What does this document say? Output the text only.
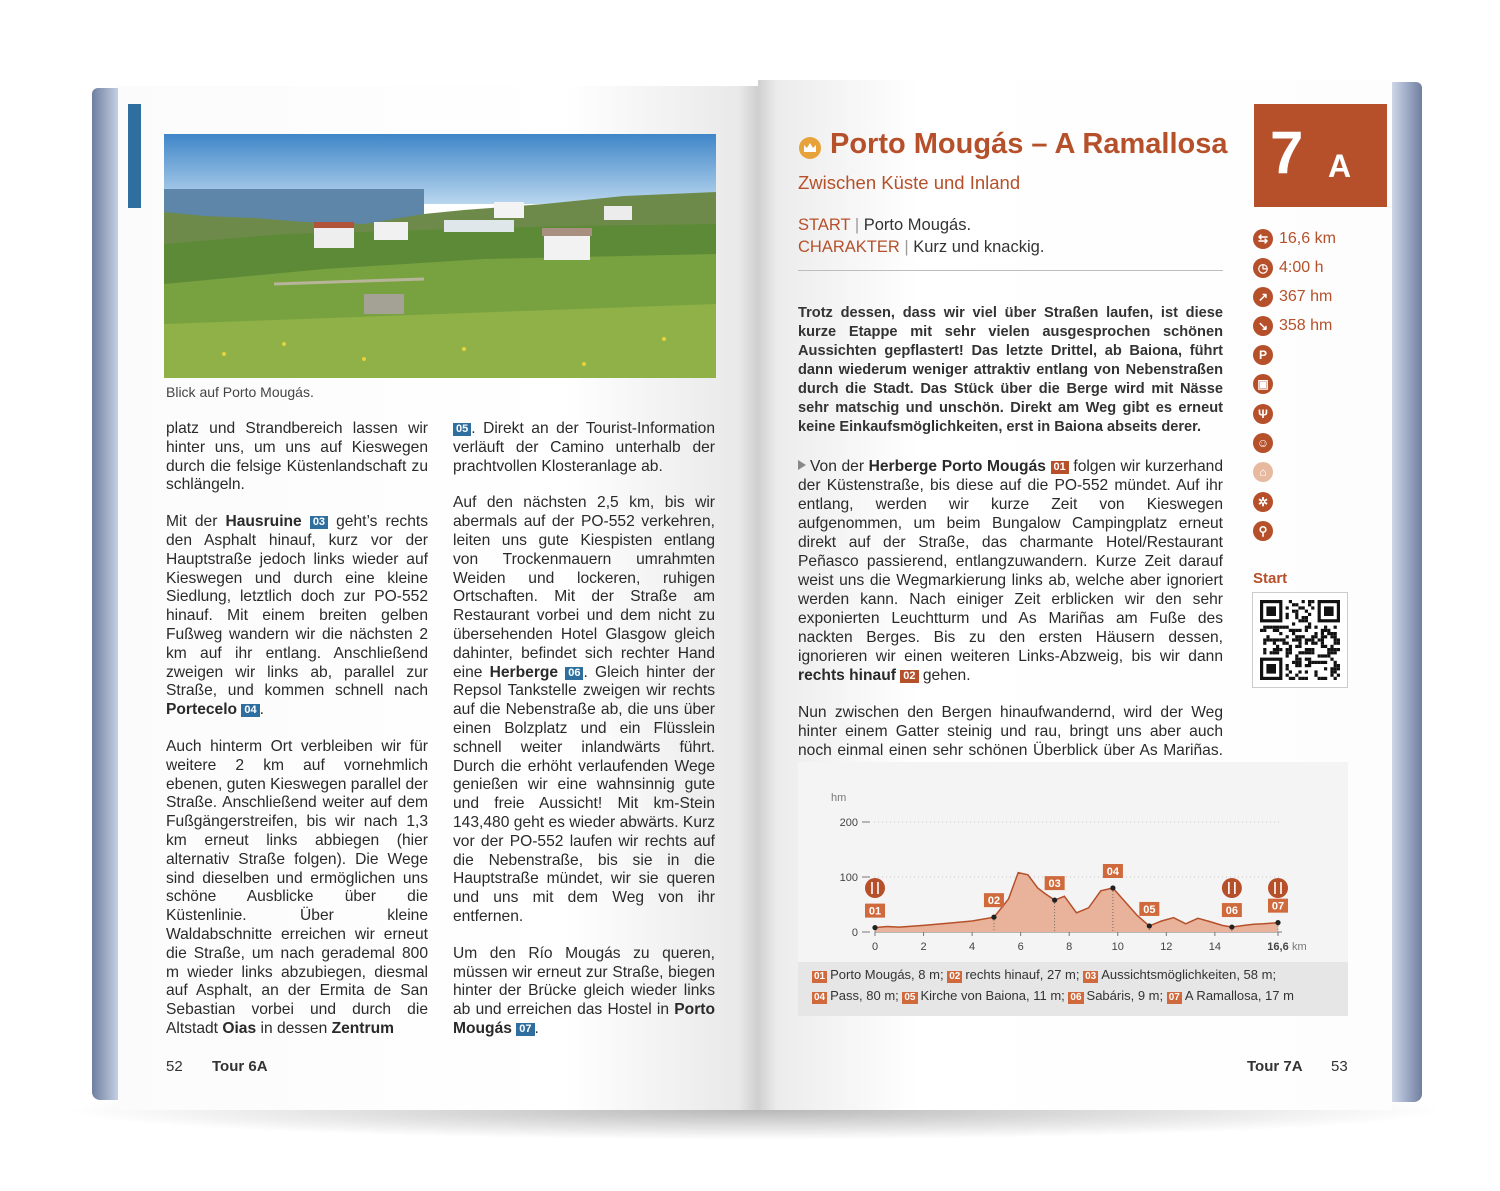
Blick auf Porto Mougás.

platz und Strandbereich lassen wir hinter uns, um uns auf Kieswegen durch die felsige Küstenlandschaft zu schlängeln.

Mit der Hausruine 03 geht’s rechts den Asphalt hinauf, kurz vor der Hauptstraße jedoch links wieder auf Kieswegen und durch eine kleine Siedlung, letztlich doch zur PO-552 hinauf. Mit einem breiten gelben Fußweg wandern wir die nächsten 2 km auf ihr entlang. Anschließend zweigen wir links ab, parallel zur Straße, und kommen schnell nach Portecelo 04 .

Auch hinterm Ort verbleiben wir für weitere 2 km auf vornehmlich ebenen, guten Kieswegen parallel der Straße. Anschließend weiter auf dem Fußgängerstreifen, bis wir nach 1,3 km erneut links abbiegen (hier alternativ Straße folgen). Die Wege sind dieselben und ermöglichen uns schöne Ausblicke über die Küstenlinie. Über kleine Waldabschnitte erreichen wir erneut die Straße, um nach gerademal 800 m wieder links abzubiegen, diesmal auf Asphalt, an der Ermita de San Sebastian vorbei und durch die Altstadt Oias in dessen Zentrum

05 . Direkt an der Tourist-Information verläuft der Camino unterhalb der prachtvollen Klosteranlage ab.

Auf den nächsten 2,5 km, bis wir abermals auf der PO-552 verkehren, leiten uns gute Kiespisten entlang von Trockenmauern umrahmten Weiden und lockeren, ruhigen Ortschaften. Mit der Straße am Restaurant vorbei und dem nicht zu übersehenden Hotel Glasgow gleich dahinter, befindet sich rechter Hand eine Herberge 06 . Gleich hinter der Repsol Tankstelle zweigen wir rechts auf die Nebenstraße ab, die uns über einen Bolzplatz und ein Flüsslein schnell weiter inlandwärts führt. Durch die erhöht verlaufenden Wege genießen wir eine wahnsinnig gute und freie Aussicht! Mit km-Stein 143,480 geht es wieder abwärts. Kurz vor der PO-552 laufen wir rechts auf die Nebenstraße, bis sie in die Hauptstraße mündet, wir sie queren und uns mit dem Weg von ihr entfernen.

Um den Río Mougás zu queren, müssen wir erneut zur Straße, biegen hinter der Brücke gleich wieder links ab und erreichen das Hostel in Porto Mougás 07 .

52 Tour 6A
Porto Mougás – A Ramallosa
Zwischen Küste und Inland
START | Porto Mougás.
CHARAKTER | Kurz und knackig.
Trotz dessen, dass wir viel über Straßen laufen, ist diese kurze Etappe mit sehr vielen ausgesprochen schönen Aussichten gepflastert! Das letzte Drittel, ab Baiona, führt dann wiederum weniger attraktiv entlang von Nebenstraßen durch die Stadt. Das Stück über die Berge wird mit Nässe sehr matschig und unschön. Direkt am Weg gibt es erneut keine Einkaufsmöglichkeiten, erst in Baiona abseits derer.

Von der Herberge Porto Mougás 01 folgen wir kurzerhand der Küstenstraße, bis diese auf die PO-552 mündet. Auf ihr entlang, werden wir kurze Zeit von Kieswegen aufgenommen, um beim Bungalow Campingplatz erneut direkt auf der Straße, das charmante Hotel/Restaurant Peñasco passierend, entlangzuwandern. Kurze Zeit darauf weist uns die Wegmarkierung links ab, welche aber ignoriert werden kann. Nach einiger Zeit erblicken wir den sehr exponierten Leuchtturm und As Mariñas am Fuße des nackten Berges. Bis zu den ersten Häusern dessen, ignorieren wir einen weiteren Links-Abzweig, bis wir dann rechts hinauf 02 gehen.

Nun zwischen den Bergen hinaufwandernd, wird der Weg hinter einem Gatter steinig und rau, bringt uns aber auch noch einmal einen sehr schönen Überblick über As Mariñas.

7 A
⇆ 16,6 km
◷ 4:00 h
↗ 367 hm
↘ 358 hm
P
▣
Ψ
☺
⌂
✲
⚲
Start
hm
0
100
200
0	2	4	6	8	10	12	14	16,6 km
01
02
03
04
05	06	07
01 Porto Mougás, 8 m; 02 rechts hinauf, 27 m; 03 Aussichtsmöglichkeiten, 58 m;
04 Pass, 80 m; 05 Kirche von Baiona, 11 m; 06 Sabáris, 9 m; 07 A Ramallosa, 17 m
Tour 7A 53
